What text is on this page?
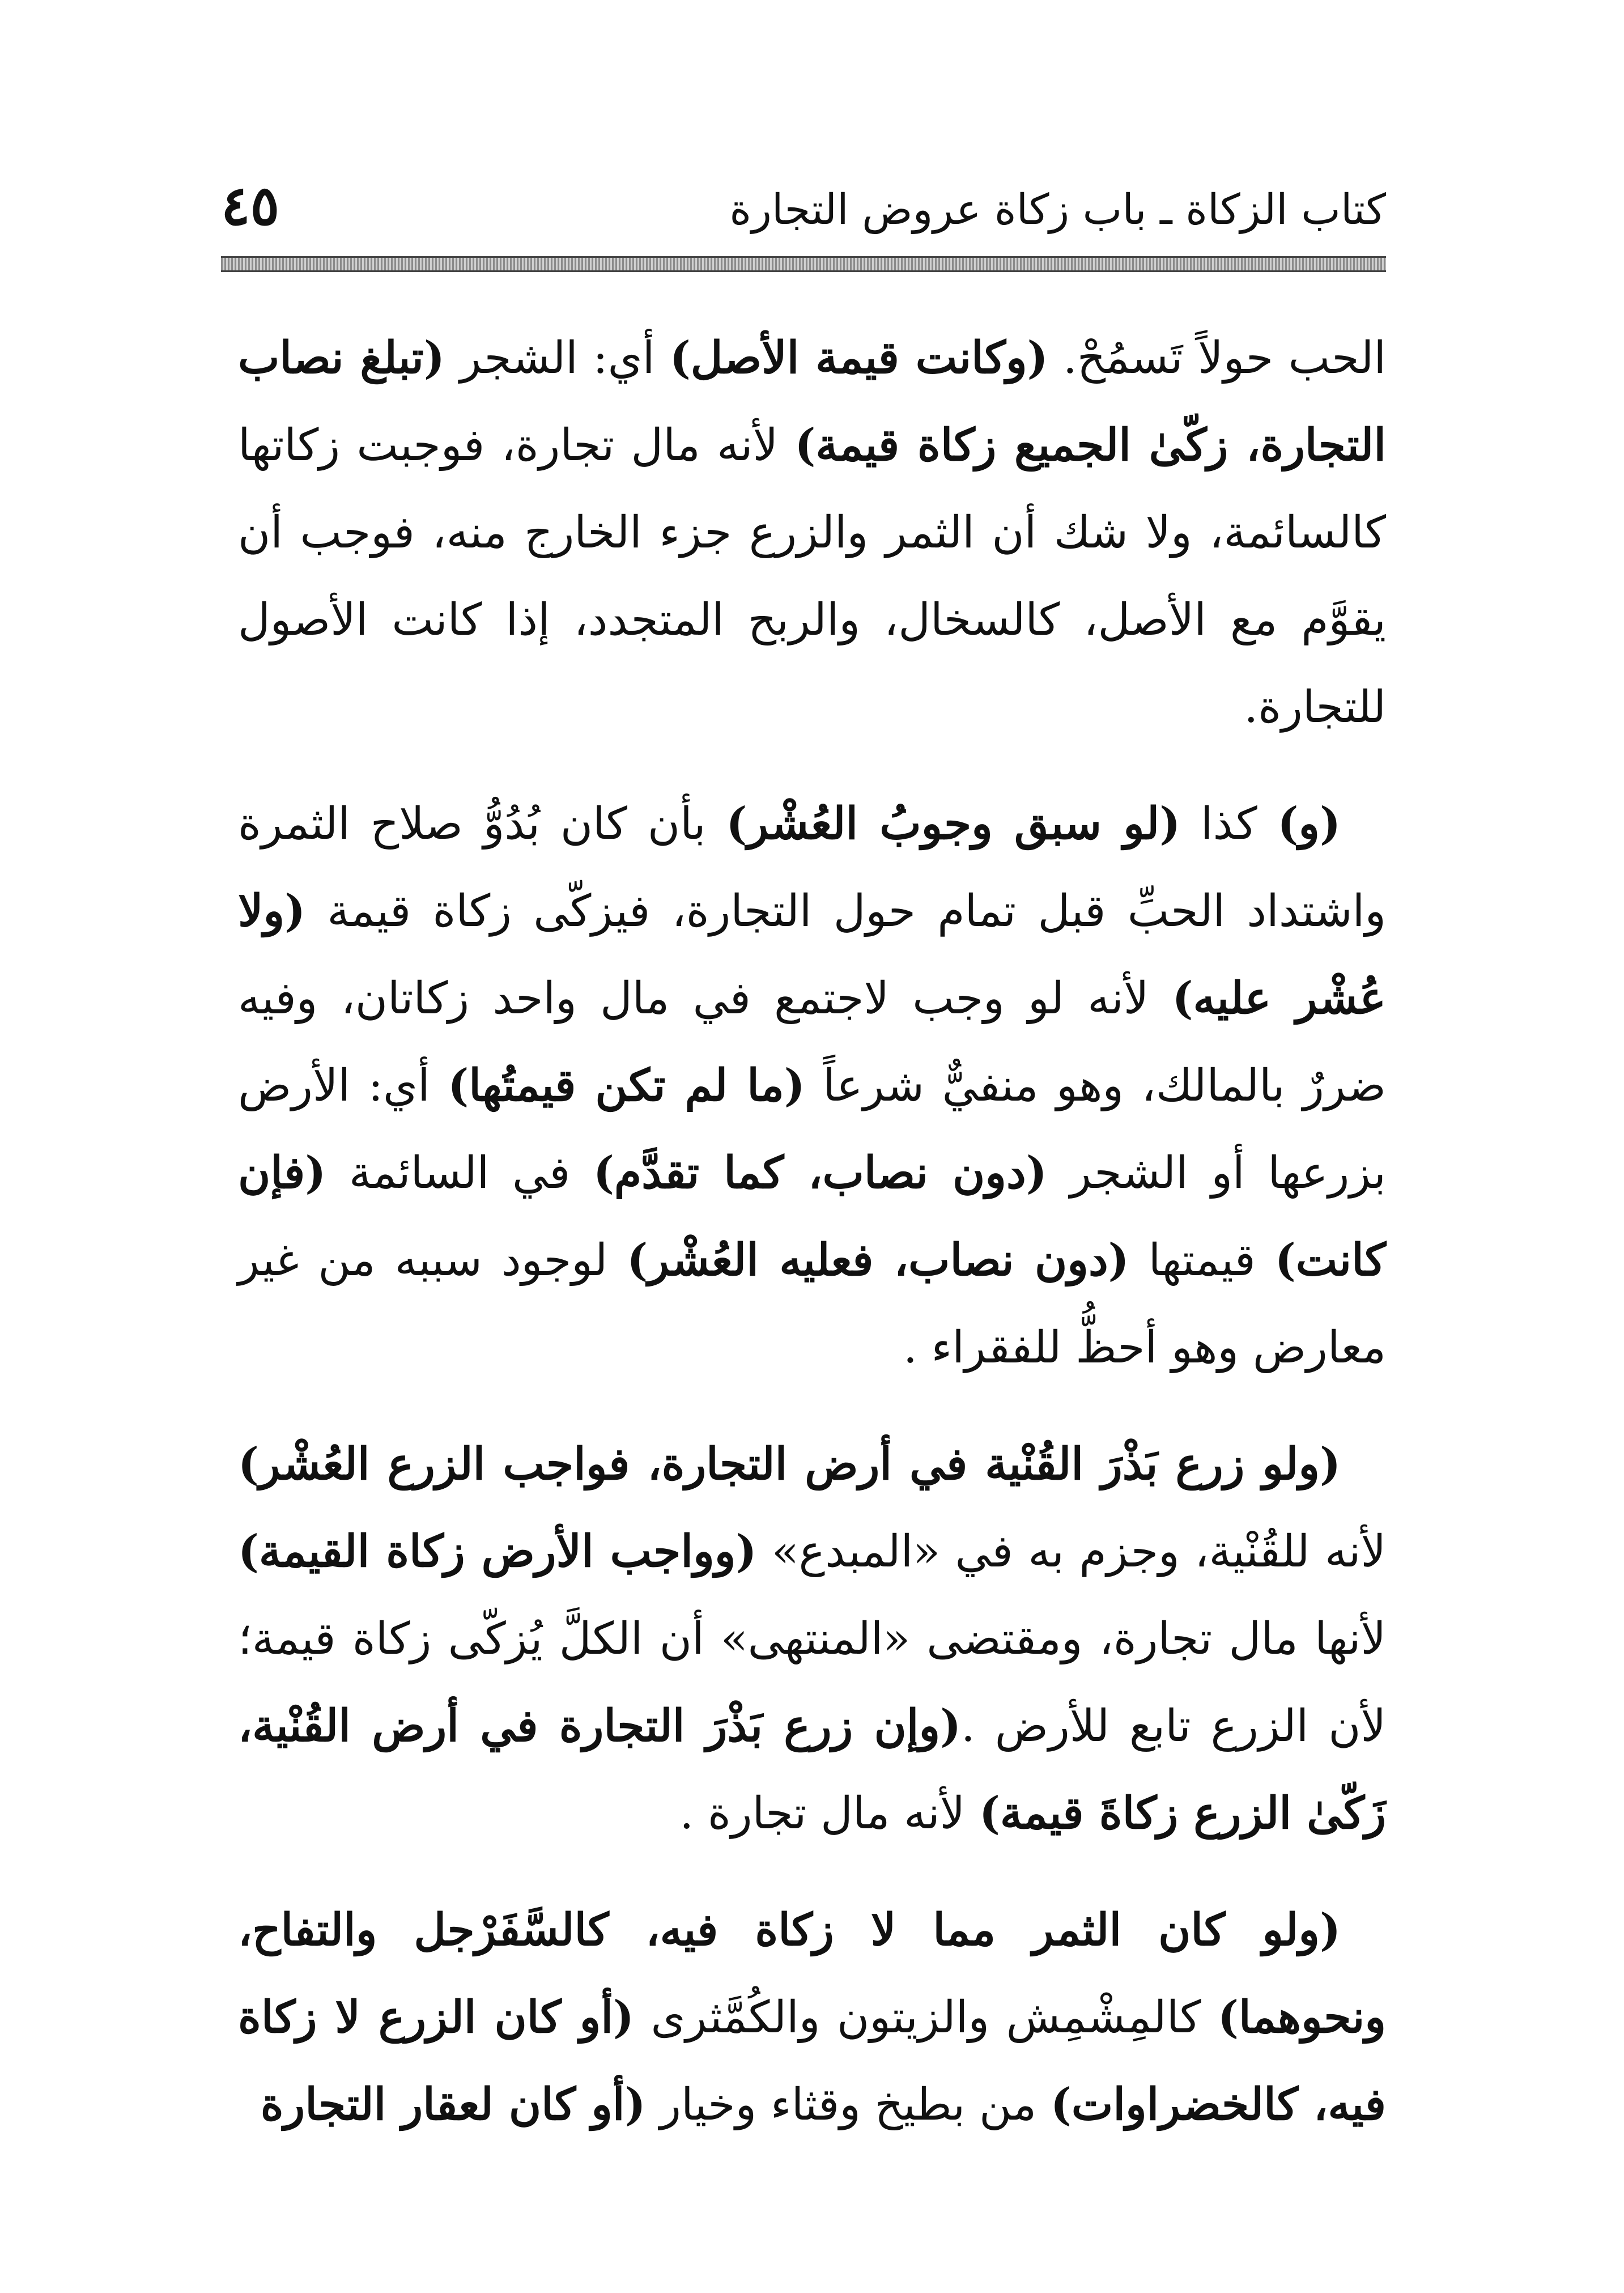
كتاب الزكاة ـ باب زكاة عروض التجارة
٤٥

الحب حولاً تَسمُحْ. (وكانت قيمة الأصل) أي: الشجر (تبلغ نصاب التجارة، زكّىٰ الجميع زكاة قيمة) لأنه مال تجارة، فوجبت زكاتها كالسائمة، ولا شك أن الثمر والزرع جزء الخارج منه، فوجب أن يقوَّم مع الأصل، كالسخال، والربح المتجدد، إذا كانت الأصول للتجارة.

(و) كذا (لو سبق وجوبُ العُشْر) بأن كان بُدُوُّ صلاح الثمرة واشتداد الحبِّ قبل تمام حول التجارة، فيزكّى زكاة قيمة (ولا عُشْر عليه) لأنه لو وجب لاجتمع في مال واحد زكاتان، وفيه ضررٌ بالمالك، وهو منفيٌّ شرعاً (ما لم تكن قيمتُها) أي: الأرض بزرعها أو الشجر (دون نصاب، كما تقدَّم) في السائمة (فإن كانت) قيمتها (دون نصاب، فعليه العُشْر) لوجود سببه من غير معارض وهو أحظُّ للفقراء .

(ولو زرع بَذْرَ القُنْية في أرض التجارة، فواجب الزرع العُشْر) لأنه للقُنْية، وجزم به في «المبدع» (وواجب الأرض زكاة القيمة) لأنها مال تجارة، ومقتضى «المنتهى» أن الكلَّ يُزكّى زكاة قيمة؛ لأن الزرع تابع للأرض .(وإن زرع بَذْرَ التجارة في أرض القُنْية، زَكّىٰ الزرع زكاةَ قيمة) لأنه مال تجارة .

(ولو كان الثمر مما لا زكاة فيه، كالسَّفَرْجل والتفاح، ونحوهما) كالمِشْمِش والزيتون والكُمَّثرى (أو كان الزرع لا زكاة فيه، كالخضراوات) من بطيخ وقثاء وخيار (أو كان لعقار التجارة
